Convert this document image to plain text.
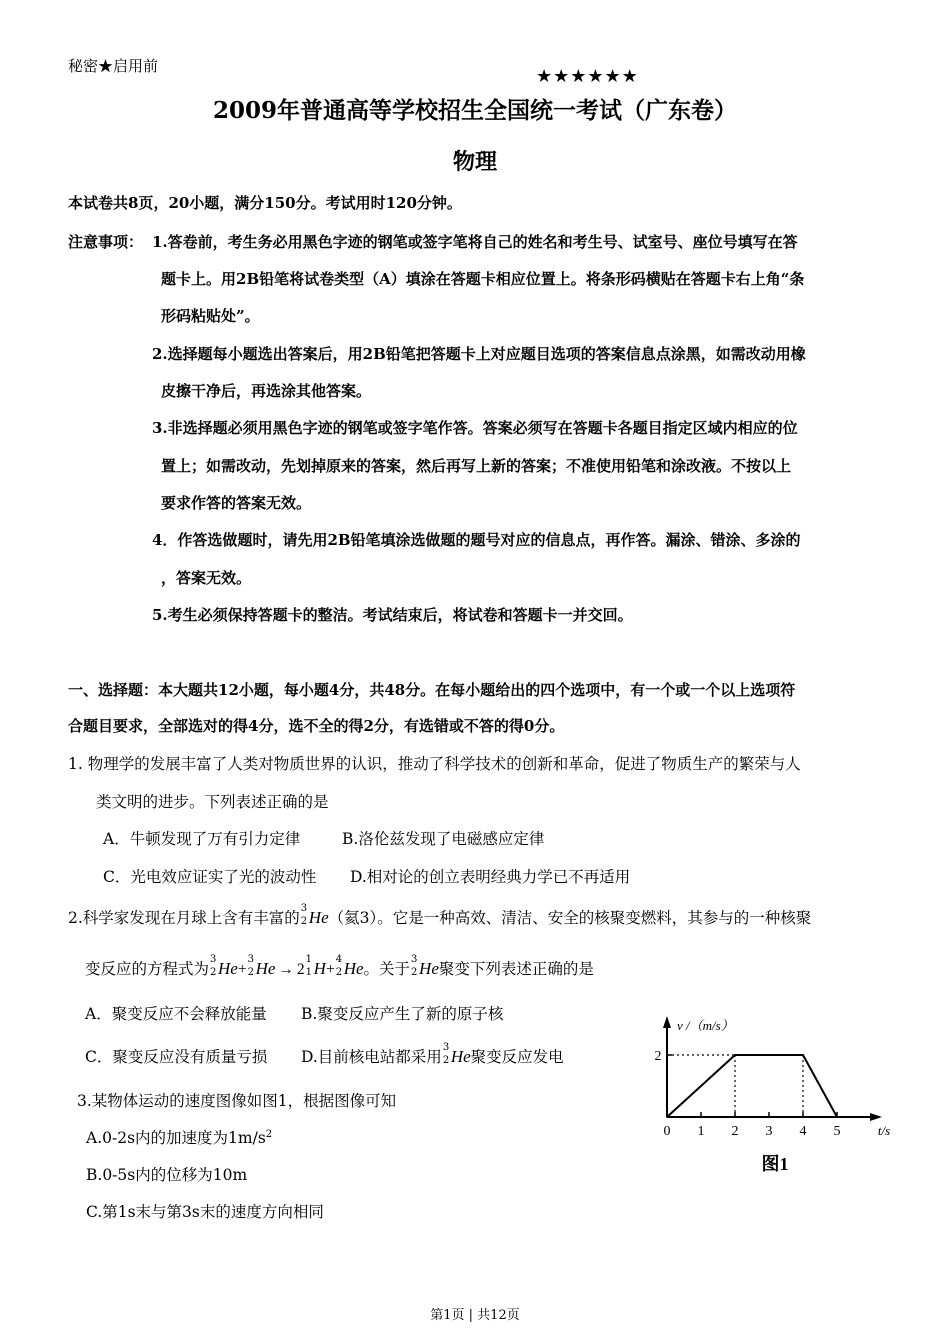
秘密★启用前	★★★★★★
2009年普通高等学校招生全国统一考试（广东卷）
物理
本试卷共8页，20小题，满分150分。考试用时120分钟。
注意事项： 1.答卷前，考生务必用黑色字迹的钢笔或签字笔将自己的姓名和考生号、试室号、座位号填写在答
题卡上。用2B铅笔将试卷类型（A）填涂在答题卡相应位置上。将条形码横贴在答题卡右上角“条
形码粘贴处”。
2.选择题每小题选出答案后，用2B铅笔把答题卡上对应题目选项的答案信息点涂黑，如需改动用橡
皮擦干净后，再选涂其他答案。
3.非选择题必须用黑色字迹的钢笔或签字笔作答。答案必须写在答题卡各题目指定区域内相应的位
置上；如需改动，先划掉原来的答案，然后再写上新的答案；不准使用铅笔和涂改液。不按以上
要求作答的答案无效。
4．作答选做题时，请先用2B铅笔填涂选做题的题号对应的信息点，再作答。漏涂、错涂、多涂的
，答案无效。
5.考生必须保持答题卡的整洁。考试结束后，将试卷和答题卡一并交回。
一、选择题：本大题共12小题，每小题4分，共48分。在每小题给出的四个选项中，有一个或一个以上选项符
合题目要求，全部选对的得4分，选不全的得2分，有选错或不答的得0分。
1. 物理学的发展丰富了人类对物质世界的认识，推动了科学技术的创新和革命，促进了物质生产的繁荣与人
类文明的进步。下列表述正确的是
A．牛顿发现了万有引力定律	B.洛伦兹发现了电磁感应定律
C．光电效应证实了光的波动性 D.相对论的创立表明经典力学已不再适用
2.科学家发现在月球上含有丰富的
3
2 He（氦3）。它是一种高效、清洁、安全的核聚变燃料，其参与的一种核聚
变反应的方程式为
3
2 He+
3
2 He → 2
1
1 H+
4
2 He。关于
3
2 He聚变下列表述正确的是
A．聚变反应不会释放能量 B.聚变反应产生了新的原子核
C．聚变反应没有质量亏损 D.目前核电站都采用
3
2 He聚变反应发电
3.某物体运动的速度图像如图1，根据图像可知
A.0-2s内的加速度为$1m/s^2$
B.0-5s内的位移为10m
C.第1s末与第3s末的速度方向相同
0 1 2 3 4 5
2
v /（m/s）
t/s
图1
第1页 | 共12页
